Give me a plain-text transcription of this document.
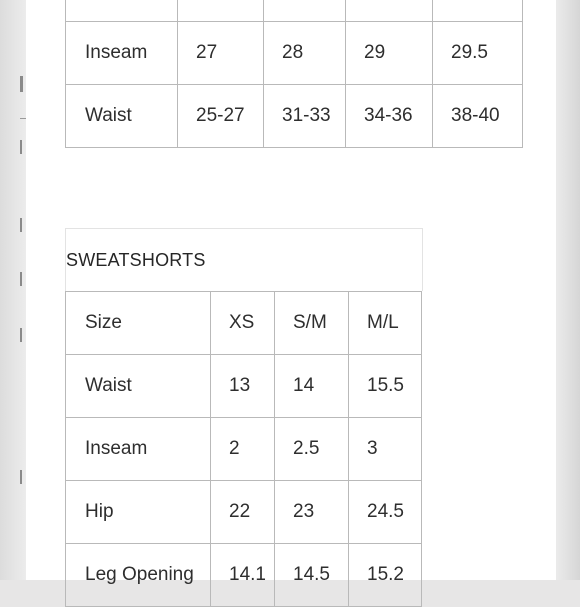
Inseam	27	28	29	29.5
Waist	25-27	31-33	34-36	38-40
SWEATSHORTS
Size	XS	S/M	M/L
Waist	13	14	15.5
Inseam	2	2.5	3
Hip	22	23	24.5
Leg Opening	14.1	14.5	15.2
